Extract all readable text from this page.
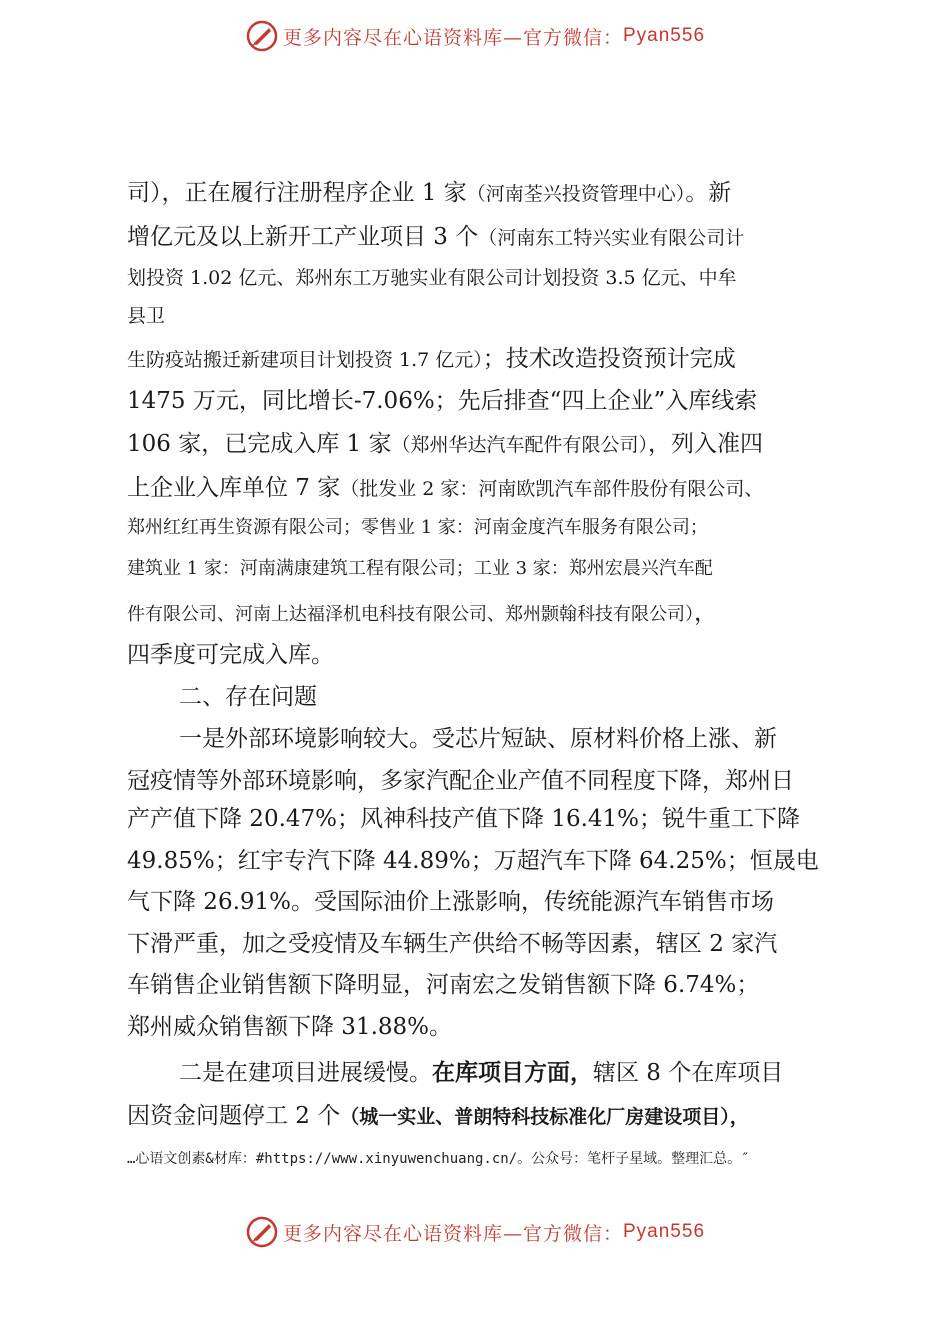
更多内容尽在心语资料库—官方微信： Pyan556
司），正在履行注册程序企业 1 家（河南荃兴投资管理中心）。新
增亿元及以上新开工产业项目 3 个（河南东工特兴实业有限公司计
划投资 1.02 亿元、郑州东工万驰实业有限公司计划投资 3.5 亿元、中牟
县卫
生防疫站搬迁新建项目计划投资 1.7 亿元）；技术改造投资预计完成
1475 万元，同比增长-7.06%；先后排查“四上企业”入库线索
106 家，已完成入库 1 家（郑州华达汽车配件有限公司），列入准四
上企业入库单位 7 家（批发业 2 家：河南欧凯汽车部件股份有限公司、
郑州红红再生资源有限公司；零售业 1 家：河南金度汽车服务有限公司；
建筑业 1 家：河南满康建筑工程有限公司；工业 3 家：郑州宏晨兴汽车配
件有限公司、河南上达福泽机电科技有限公司、郑州颢翰科技有限公司），
四季度可完成入库。
二、存在问题
一是外部环境影响较大。受芯片短缺、原材料价格上涨、新
冠疫情等外部环境影响，多家汽配企业产值不同程度下降，郑州日
产产值下降 20.47%；风神科技产值下降 16.41%；锐牛重工下降
49.85%；红宇专汽下降 44.89%；万超汽车下降 64.25%；恒晟电
气下降 26.91%。受国际油价上涨影响，传统能源汽车销售市场
下滑严重，加之受疫情及车辆生产供给不畅等因素，辖区 2 家汽
车销售企业销售额下降明显，河南宏之发销售额下降 6.74%；
郑州威众销售额下降 31.88%。
二是在建项目进展缓慢。在库项目方面，辖区 8 个在库项目
因资金问题停工 2 个（城一实业、普朗特科技标准化厂房建设项目），
…心语文创素&材库：#https://www.xinyuwenchuang.cn/。公众号：笔杆子星域。整理汇总。″
更多内容尽在心语资料库—官方微信： Pyan556
